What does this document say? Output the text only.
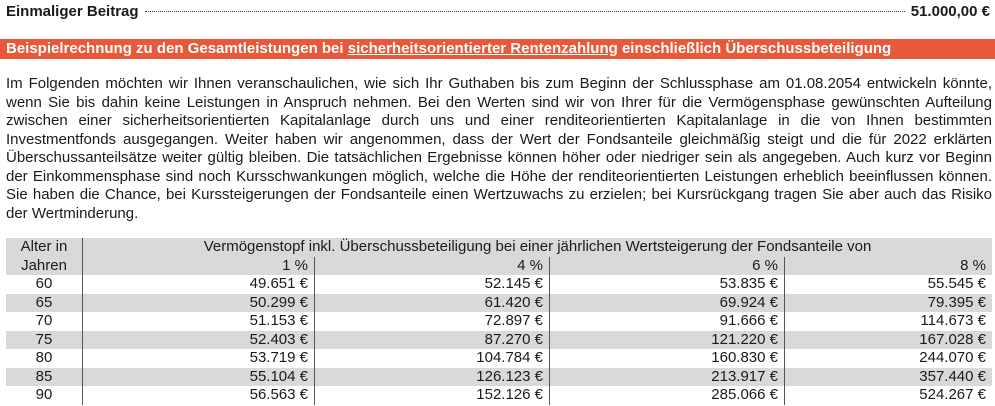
Einmaliger Beitrag	51.000,00 €
Beispielrechnung zu den Gesamtleistungen bei sicherheitsorientierter Rentenzahlung einschließlich Überschussbeteiligung
Im Folgenden möchten wir Ihnen veranschaulichen, wie sich Ihr Guthaben bis zum Beginn der Schlussphase am 01.08.2054 entwickeln könnte, wenn Sie bis dahin keine Leistungen in Anspruch nehmen. Bei den Werten sind wir von Ihrer für die Vermögensphase gewünschten Aufteilung zwischen einer sicherheitsorientierten Kapitalanlage durch uns und einer renditeorientierten Kapitalanlage in die von Ihnen bestimmten Investmentfonds ausgegangen. Weiter haben wir angenommen, dass der Wert der Fondsanteile gleichmäßig steigt und die für 2022 erklärten Überschussanteilsätze weiter gültig bleiben. Die tatsächlichen Ergebnisse können höher oder niedriger sein als angegeben. Auch kurz vor Beginn der Einkommensphase sind noch Kursschwankungen möglich, welche die Höhe der renditeorientierten Leistungen erheblich beeinflussen können. Sie haben die Chance, bei Kurssteigerungen der Fondsanteile einen Wertzuwachs zu erzielen; bei Kursrückgang tragen Sie aber auch das Risiko der Wertminderung.
Alter in	Vermögenstopf inkl. Überschussbeteiligung bei einer jährlichen Wertsteigerung der Fondsanteile von			
Jahren	1 %	4 %	6 %	8 %
60	49.651 €	52.145 €	53.835 €	55.545 €
65	50.299 €	61.420 €	69.924 €	79.395 €
70	51.153 €	72.897 €	91.666 €	114.673 €
75	52.403 €	87.270 €	121.220 €	167.028 €
80	53.719 €	104.784 €	160.830 €	244.070 €
85	55.104 €	126.123 €	213.917 €	357.440 €
90	56.563 €	152.126 €	285.066 €	524.267 €
